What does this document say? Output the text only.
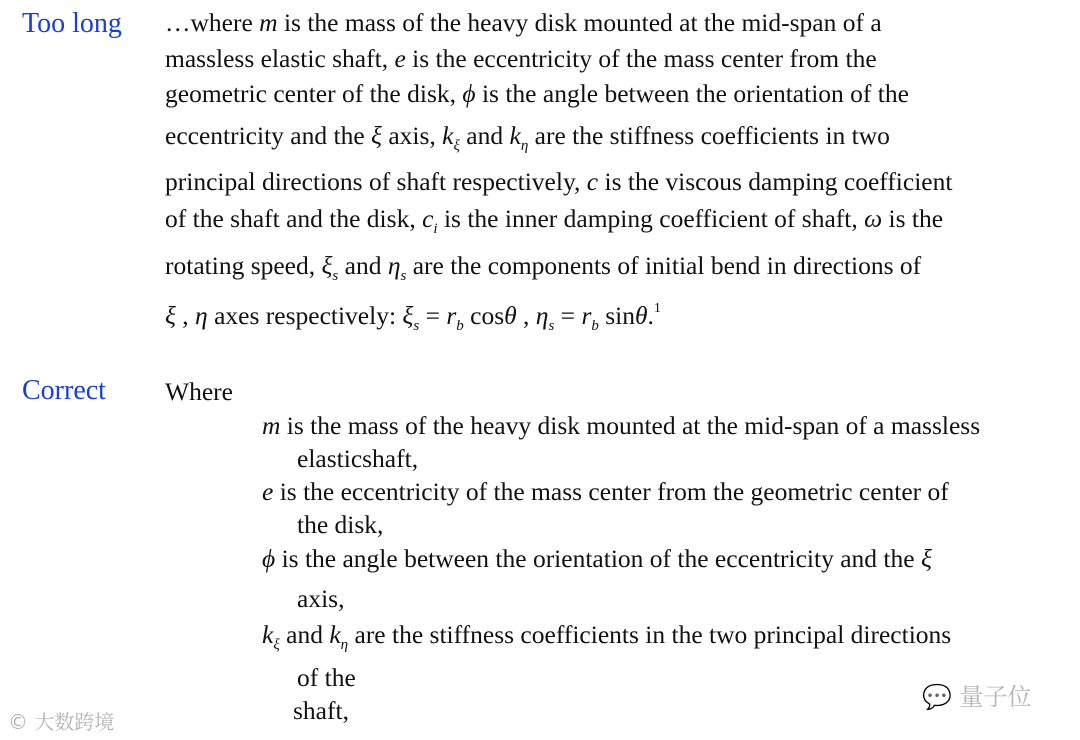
Too long
Correct
…where m is the mass of the heavy disk mounted at the mid-span of a
massless elastic shaft, e is the eccentricity of the mass center from the
geometric center of the disk, ϕ is the angle between the orientation of the
eccentricity and the ξ axis, $k_\xi$ and $k_\eta$ are the stiffness coefficients in two
principal directions of shaft respectively, c is the viscous damping coefficient
of the shaft and the disk, $c_i$ is the inner damping coefficient of shaft, ω is the
rotating speed, $\xi_s$ and $\eta_s$ are the components of initial bend in directions of
ξ , η axes respectively: $\xi_s = r_b$ cosθ , $\eta_s = r_b$ sinθ.$^1$
Where
m is the mass of the heavy disk mounted at the mid-span of a massless
elasticshaft,
e is the eccentricity of the mass center from the geometric center of
the disk,
ϕ is the angle between the orientation of the eccentricity and the ξ
axis,
$k_\xi$ and $k_\eta$ are the stiffness coefficients in the two principal directions
of the
shaft,
© 大数跨境
💬 量子位
